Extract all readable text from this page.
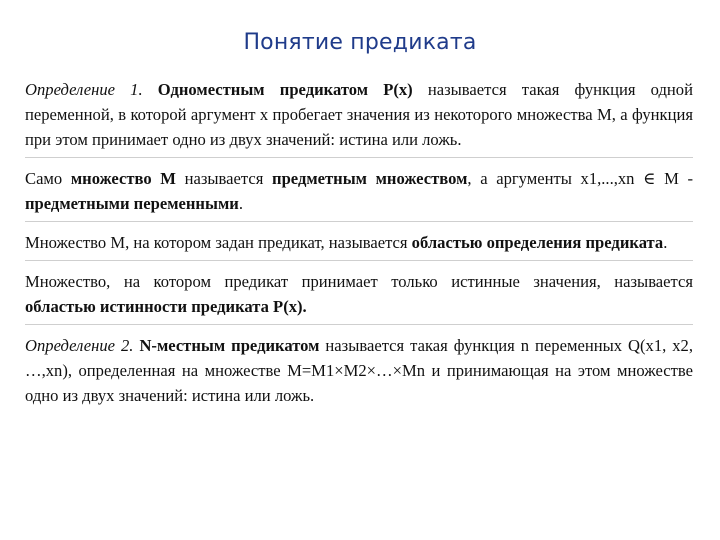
Понятие предиката

Определение 1. Одноместным предикатом Р(х) называется такая функция одной переменной, в которой аргумент х пробегает значения из некоторого множества М, а функция при этом принимает одно из двух значений: истина или ложь.

Само множество М называется предметным множеством, а аргументы х1,...,хn ∈ М - предметными переменными.

Множество М, на котором задан предикат, называется областью определения предиката.

Множество, на котором предикат принимает только истинные значения, называется областью истинности предиката Р(х).

Определение 2. N-местным предикатом называется такая функция n переменных Q(x1, x2, …,xn), определенная на множестве М=М1×М2×…×Мn и принимающая на этом множестве одно из двух значений: истина или ложь.
